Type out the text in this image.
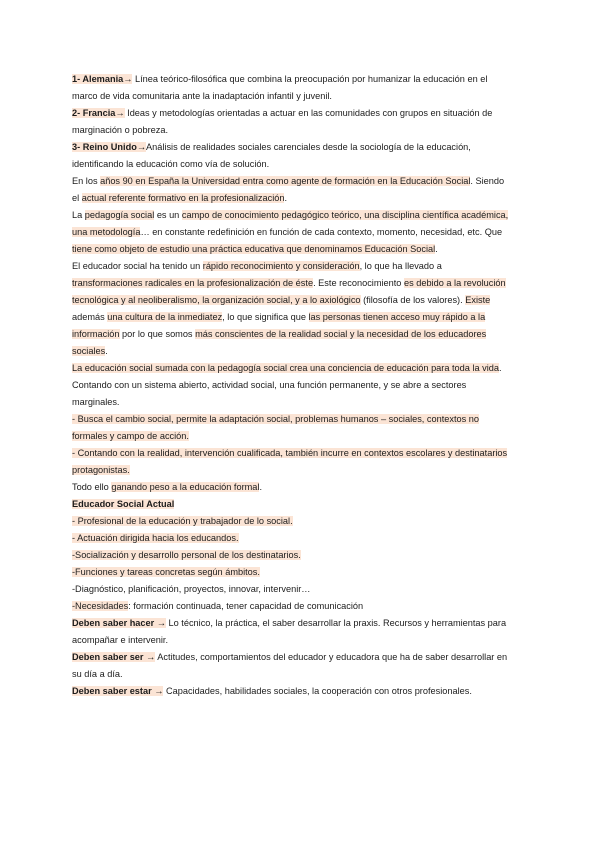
1- Alemania→ Línea teórico-filosófica que combina la preocupación por humanizar la educación en el marco de vida comunitaria ante la inadaptación infantil y juvenil.

2- Francia→ Ideas y metodologías orientadas a actuar en las comunidades con grupos en situación de marginación o pobreza.

3- Reino Unido→Análisis de realidades sociales carenciales desde la sociología de la educación, identificando la educación como vía de solución.

En los años 90 en España la Universidad entra como agente de formación en la Educación Social. Siendo el actual referente formativo en la profesionalización.

La pedagogía social es un campo de conocimiento pedagógico teórico, una disciplina científica académica, una metodología… en constante redefinición en función de cada contexto, momento, necesidad, etc. Que tiene como objeto de estudio una práctica educativa que denominamos Educación Social.

El educador social ha tenido un rápido reconocimiento y consideración, lo que ha llevado a transformaciones radicales en la profesionalización de éste. Este reconocimiento es debido a la revolución tecnológica y al neoliberalismo, la organización social, y a lo axiológico (filosofía de los valores). Existe además una cultura de la inmediatez, lo que significa que las personas tienen acceso muy rápido a la información por lo que somos más conscientes de la realidad social y la necesidad de los educadores sociales.

La educación social sumada con la pedagogía social crea una conciencia de educación para toda la vida. Contando con un sistema abierto, actividad social, una función permanente, y se abre a sectores marginales.

- Busca el cambio social, permite la adaptación social, problemas humanos – sociales, contextos no formales y campo de acción.

- Contando con la realidad, intervención cualificada, también incurre en contextos escolares y destinatarios protagonistas.

Todo ello ganando peso a la educación formal.

Educador Social Actual

- Profesional de la educación y trabajador de lo social.

- Actuación dirigida hacia los educandos.

-Socialización y desarrollo personal de los destinatarios.

-Funciones y tareas concretas según ámbitos.

-Diagnóstico, planificación, proyectos, innovar, intervenir…

-Necesidades: formación continuada, tener capacidad de comunicación

Deben saber hacer → Lo técnico, la práctica, el saber desarrollar la praxis. Recursos y herramientas para acompañar e intervenir.

Deben saber ser → Actitudes, comportamientos del educador y educadora que ha de saber desarrollar en su día a día.

Deben saber estar → Capacidades, habilidades sociales, la cooperación con otros profesionales.
